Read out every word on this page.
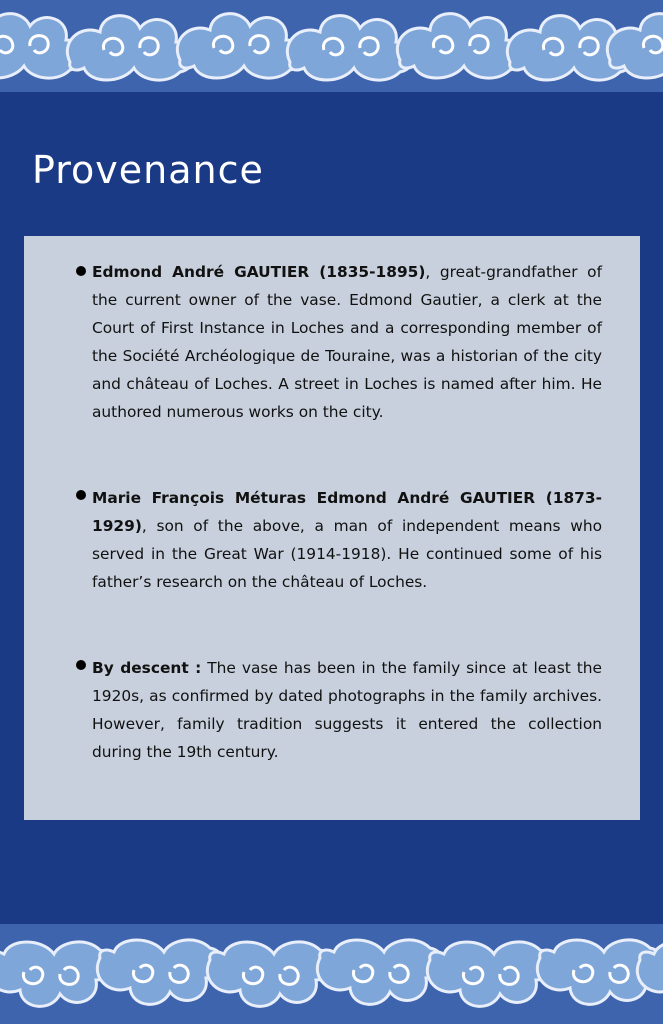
Provenance

Edmond André GAUTIER (1835-1895), great-grandfather of the current owner of the vase. Edmond Gautier, a clerk at the Court of First Instance in Loches and a corresponding member of the Société Archéologique de Touraine, was a historian of the city and château of Loches. A street in Loches is named after him. He authored numerous works on the city.

Marie François Méturas Edmond André GAUTIER (1873-1929), son of the above, a man of independent means who served in the Great War (1914-1918). He continued some of his father’s research on the château of Loches.

By descent : The vase has been in the family since at least the 1920s, as confirmed by dated photographs in the family archives. However, family tradition suggests it entered the collection during the 19th century.
